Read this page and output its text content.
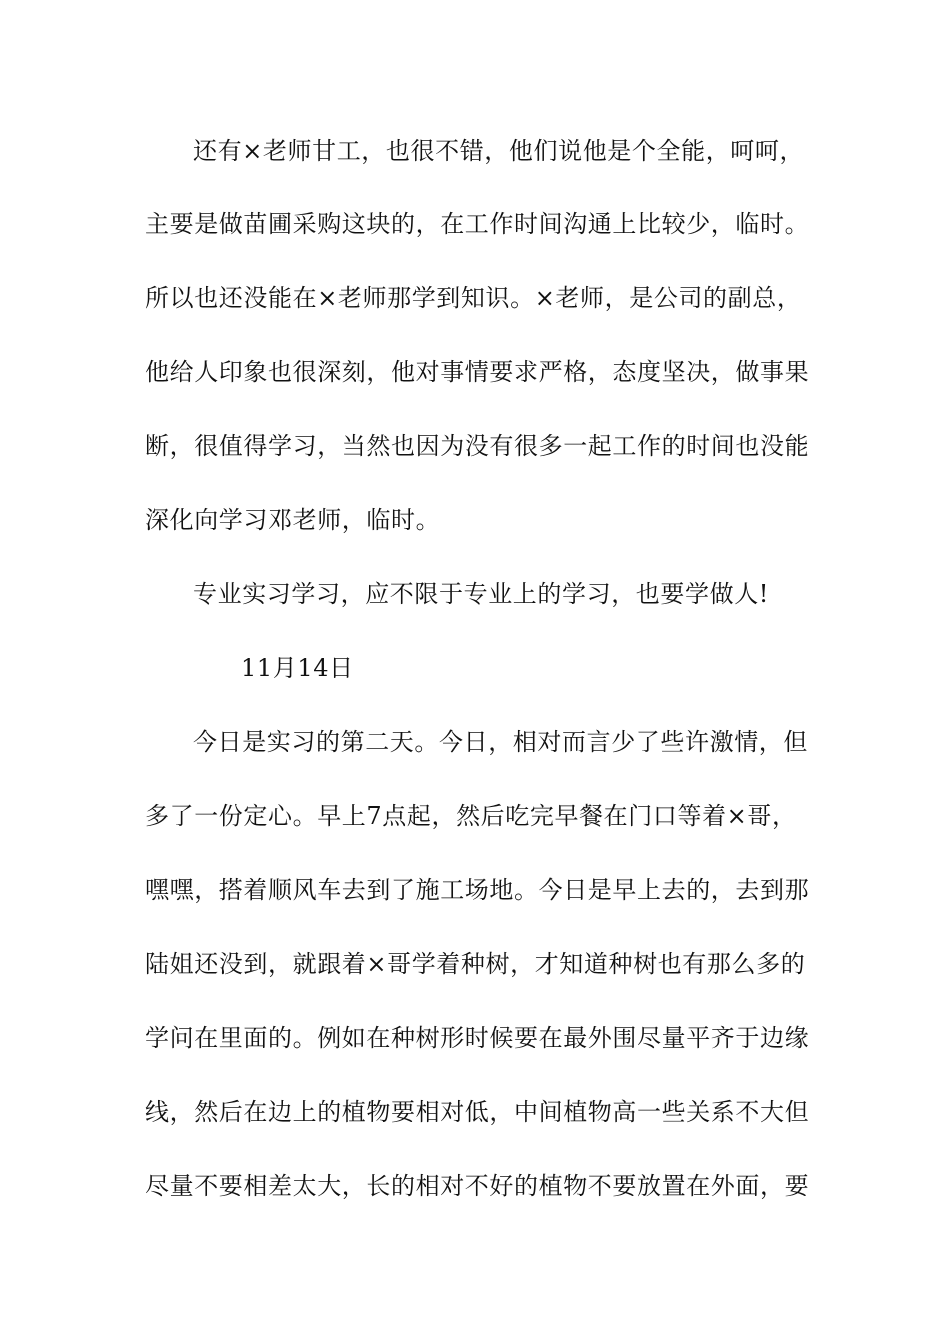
还有×老师甘工，也很不错，他们说他是个全能，呵呵，
主要是做苗圃采购这块的，在工作时间沟通上比较少，临时。
所以也还没能在×老师那学到知识。×老师，是公司的副总，
他给人印象也很深刻，他对事情要求严格，态度坚决，做事果
断，很值得学习，当然也因为没有很多一起工作的时间也没能
深化向学习邓老师，临时。
专业实习学习，应不限于专业上的学习，也要学做人!
11月14日
今日是实习的第二天。今日，相对而言少了些许激情，但
多了一份定心。早上7点起，然后吃完早餐在门口等着×哥，
嘿嘿，搭着顺风车去到了施工场地。今日是早上去的，去到那
陆姐还没到，就跟着×哥学着种树，才知道种树也有那么多的
学问在里面的。例如在种树形时候要在最外围尽量平齐于边缘
线，然后在边上的植物要相对低，中间植物高一些关系不大但
尽量不要相差太大，长的相对不好的植物不要放置在外面，要
